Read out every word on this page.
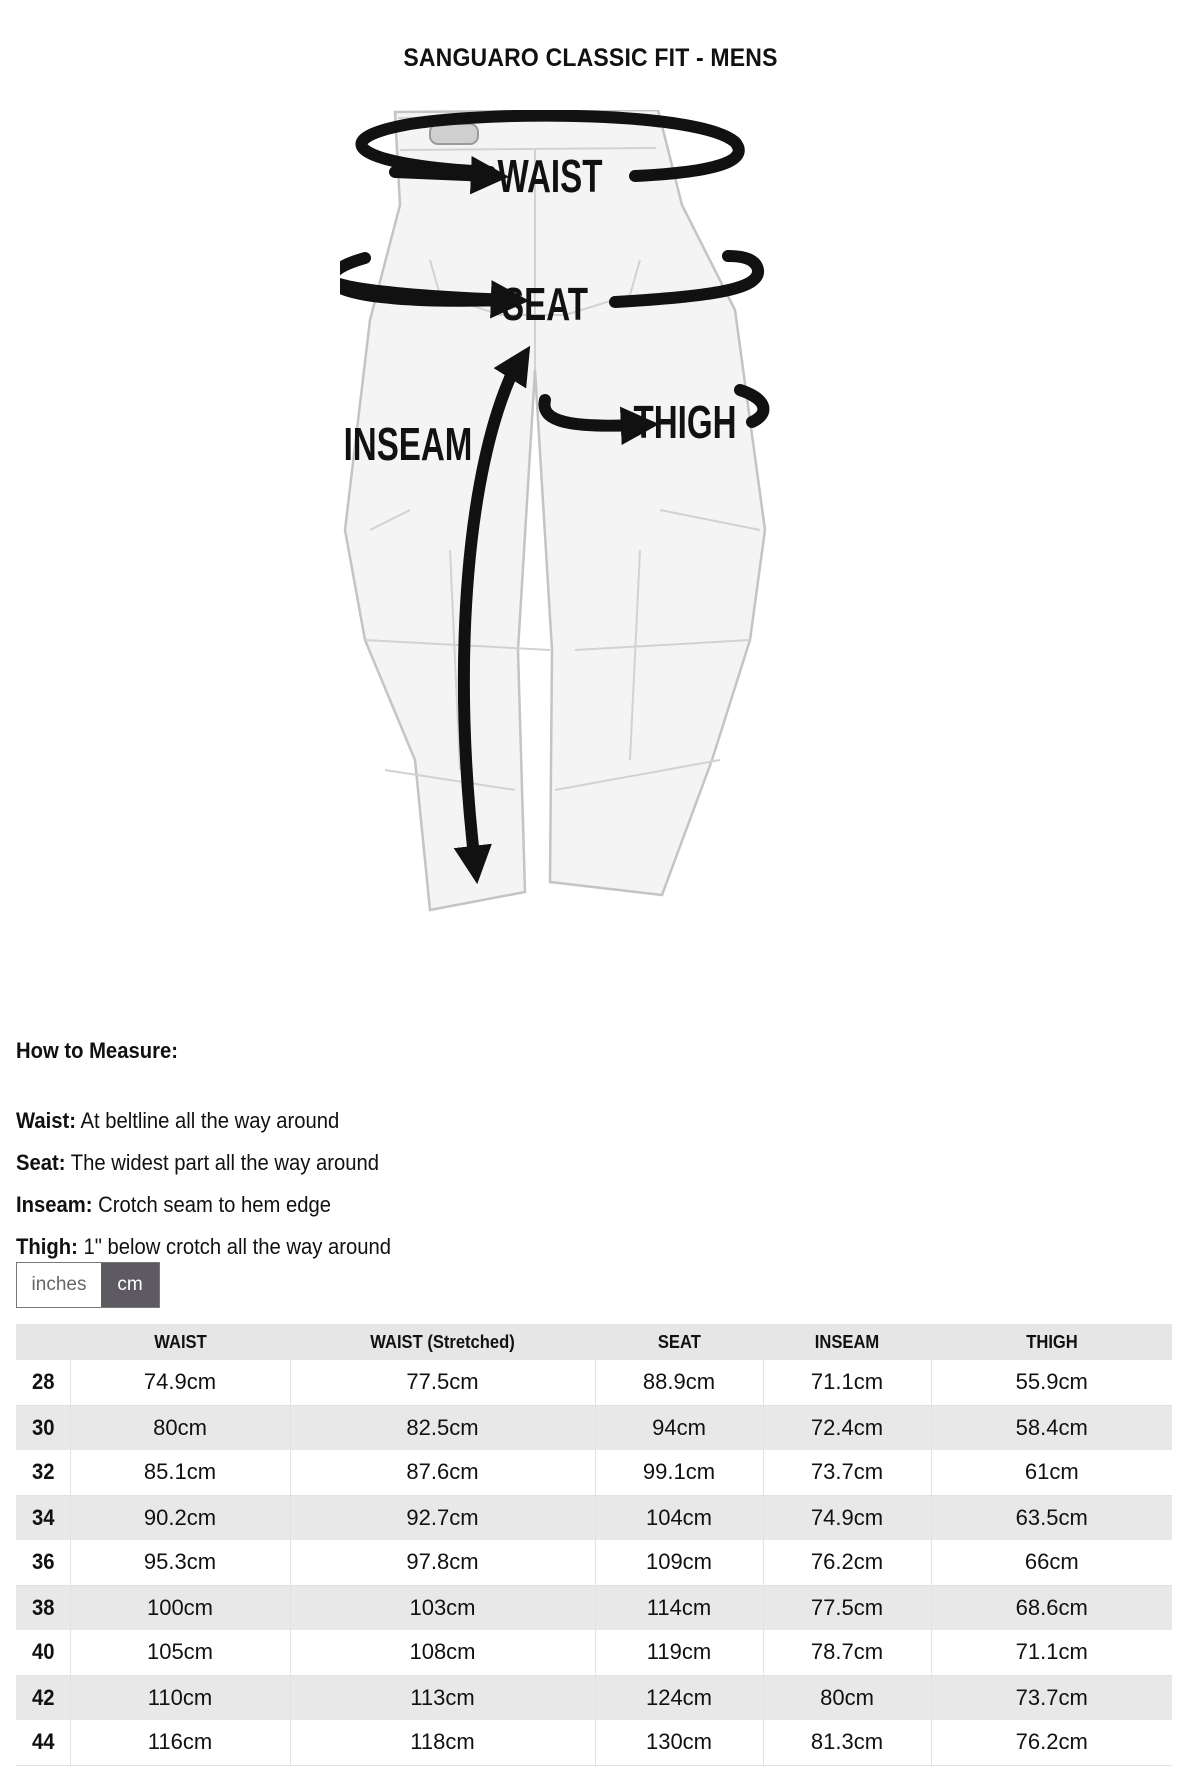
SANGUARO CLASSIC FIT - MENS
WAIST
SEAT
INSEAM	THIGH
How to Measure:
Waist: At beltline all the way around
Seat: The widest part all the way around
Inseam: Crotch seam to hem edge
Thigh: 1" below crotch all the way around
inches	cm
	WAIST	WAIST (Stretched)	SEAT	INSEAM	THIGH
28	74.9cm	77.5cm	88.9cm	71.1cm	55.9cm
30	80cm	82.5cm	94cm	72.4cm	58.4cm
32	85.1cm	87.6cm	99.1cm	73.7cm	61cm
34	90.2cm	92.7cm	104cm	74.9cm	63.5cm
36	95.3cm	97.8cm	109cm	76.2cm	66cm
38	100cm	103cm	114cm	77.5cm	68.6cm
40	105cm	108cm	119cm	78.7cm	71.1cm
42	110cm	113cm	124cm	80cm	73.7cm
44	116cm	118cm	130cm	81.3cm	76.2cm
